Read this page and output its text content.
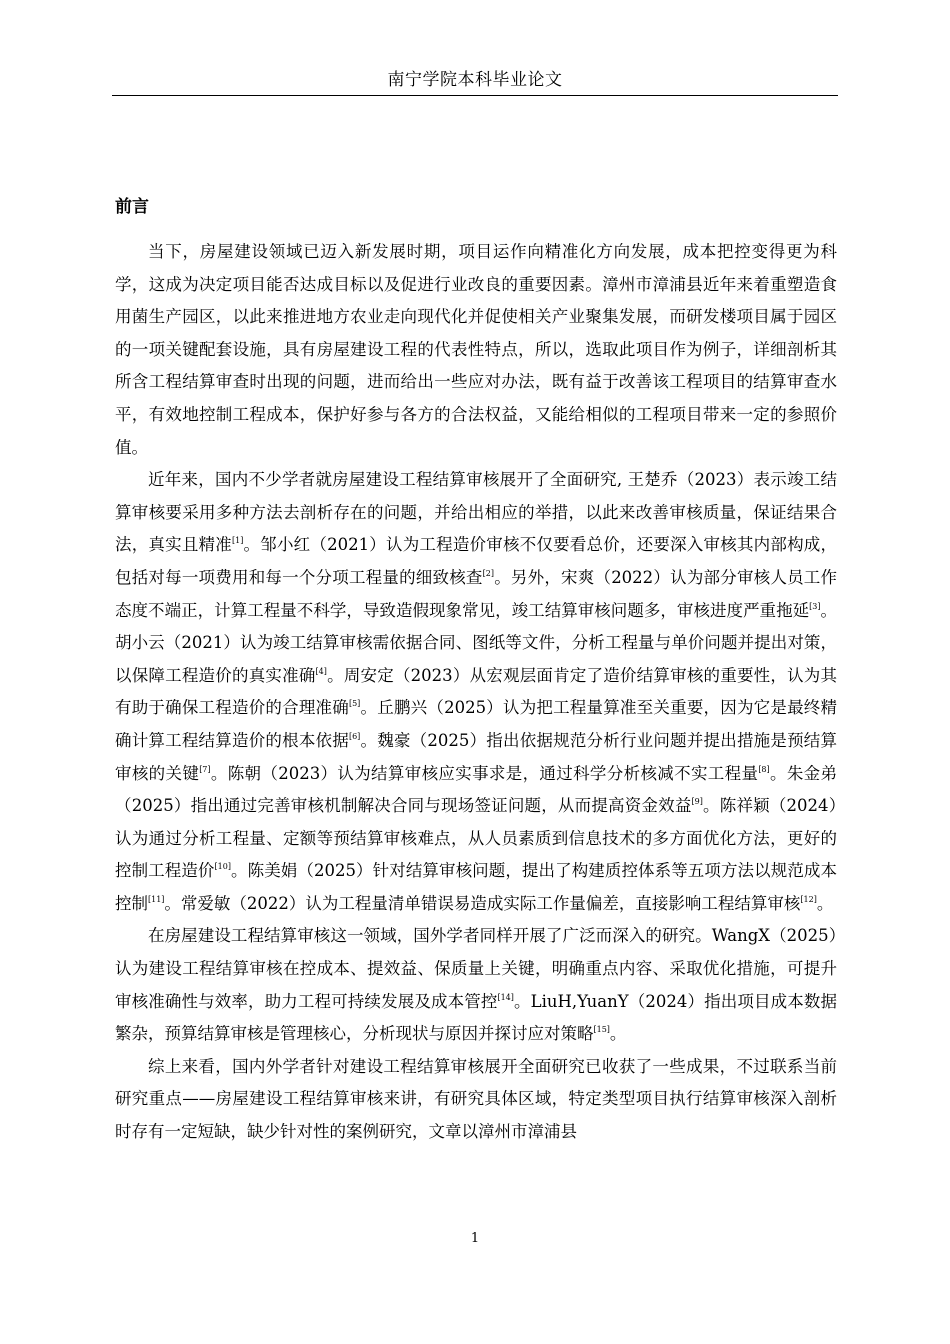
南宁学院本科毕业论文
前言

当下，房屋建设领域已迈入新发展时期，项目运作向精准化方向发展，成本把控变得更为科学，这成为决定项目能否达成目标以及促进行业改良的重要因素。漳州市漳浦县近年来着重塑造食用菌生产园区，以此来推进地方农业走向现代化并促使相关产业聚集发展，而研发楼项目属于园区的一项关键配套设施，具有房屋建设工程的代表性特点，所以，选取此项目作为例子，详细剖析其所含工程结算审查时出现的问题，进而给出一些应对办法，既有益于改善该工程项目的结算审查水平，有效地控制工程成本，保护好参与各方的合法权益，又能给相似的工程项目带来一定的参照价值。

近年来，国内不少学者就房屋建设工程结算审核展开了全面研究, 王楚乔（2023）表示竣工结算审核要采用多种方法去剖析存在的问题，并给出相应的举措，以此来改善审核质量，保证结果合法，真实且精准[1]。邹小红（2021）认为工程造价审核不仅要看总价，还要深入审核其内部构成，包括对每一项费用和每一个分项工程量的细致核查[2]。另外，宋爽（2022）认为部分审核人员工作态度不端正，计算工程量不科学，导致造假现象常见，竣工结算审核问题多，审核进度严重拖延[3]。胡小云（2021）认为竣工结算审核需依据合同、图纸等文件，分析工程量与单价问题并提出对策，以保障工程造价的真实准确[4]。周安定（2023）从宏观层面肯定了造价结算审核的重要性，认为其有助于确保工程造价的合理准确[5]。丘鹏兴（2025）认为把工程量算准至关重要，因为它是最终精确计算工程结算造价的根本依据[6]。魏豪（2025）指出依据规范分析行业问题并提出措施是预结算审核的关键[7]。陈朝（2023）认为结算审核应实事求是，通过科学分析核减不实工程量[8]。朱金弟（2025）指出通过完善审核机制解决合同与现场签证问题，从而提高资金效益[9]。陈祥颖（2024）认为通过分析工程量、定额等预结算审核难点，从人员素质到信息技术的多方面优化方法，更好的控制工程造价[10]。陈美娟（2025）针对结算审核问题，提出了构建质控体系等五项方法以规范成本控制[11]。常爱敏（2022）认为工程量清单错误易造成实际工作量偏差，直接影响工程结算审核[12]。

在房屋建设工程结算审核这一领域，国外学者同样开展了广泛而深入的研究。WangX（2025）认为建设工程结算审核在控成本、提效益、保质量上关键，明确重点内容、采取优化措施，可提升审核准确性与效率，助力工程可持续发展及成本管控[14]。LiuH,YuanY（2024）指出项目成本数据繁杂，预算结算审核是管理核心，分析现状与原因并探讨应对策略[15]。

综上来看，国内外学者针对建设工程结算审核展开全面研究已收获了一些成果，不过联系当前研究重点——房屋建设工程结算审核来讲，有研究具体区域，特定类型项目执行结算审核深入剖析时存有一定短缺，缺少针对性的案例研究，文章以漳州市漳浦县

1
